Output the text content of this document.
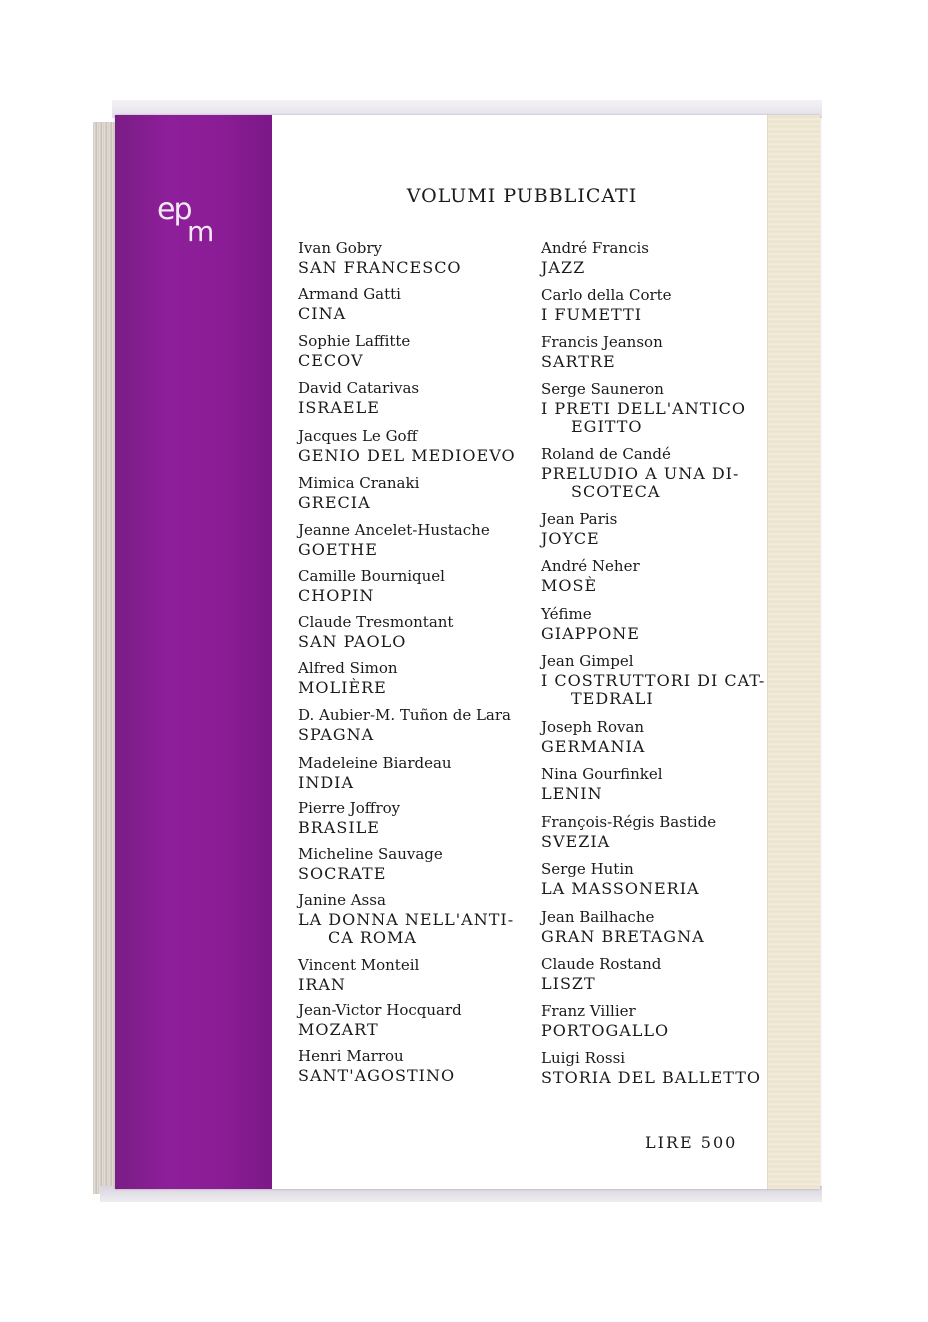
ep
m
VOLUMI PUBBLICATI
Ivan Gobry
SAN FRANCESCO
Armand Gatti
CINA
Sophie Laffitte
CECOV
David Catarivas
ISRAELE
Jacques Le Goff
GENIO DEL MEDIOEVO
Mimica Cranaki
GRECIA
Jeanne Ancelet-Hustache
GOETHE
Camille Bourniquel
CHOPIN
Claude Tresmontant
SAN PAOLO
Alfred Simon
MOLIÈRE
D. Aubier-M. Tuñon de Lara
SPAGNA
Madeleine Biardeau
INDIA
Pierre Joffroy
BRASILE
Micheline Sauvage
SOCRATE
Janine Assa
LA DONNA NELL'ANTI-
CA ROMA
Vincent Monteil
IRAN
Jean-Victor Hocquard
MOZART
Henri Marrou
SANT'AGOSTINO
André Francis
JAZZ
Carlo della Corte
I FUMETTI
Francis Jeanson
SARTRE
Serge Sauneron
I PRETI DELL'ANTICO
EGITTO
Roland de Candé
PRELUDIO A UNA DI-
SCOTECA
Jean Paris
JOYCE
André Neher
MOSÈ
Yéfime
GIAPPONE
Jean Gimpel
I COSTRUTTORI DI CAT-
TEDRALI
Joseph Rovan
GERMANIA
Nina Gourfinkel
LENIN
François-Régis Bastide
SVEZIA
Serge Hutin
LA MASSONERIA
Jean Bailhache
GRAN BRETAGNA
Claude Rostand
LISZT
Franz Villier
PORTOGALLO
Luigi Rossi
STORIA DEL BALLETTO
LIRE 500
